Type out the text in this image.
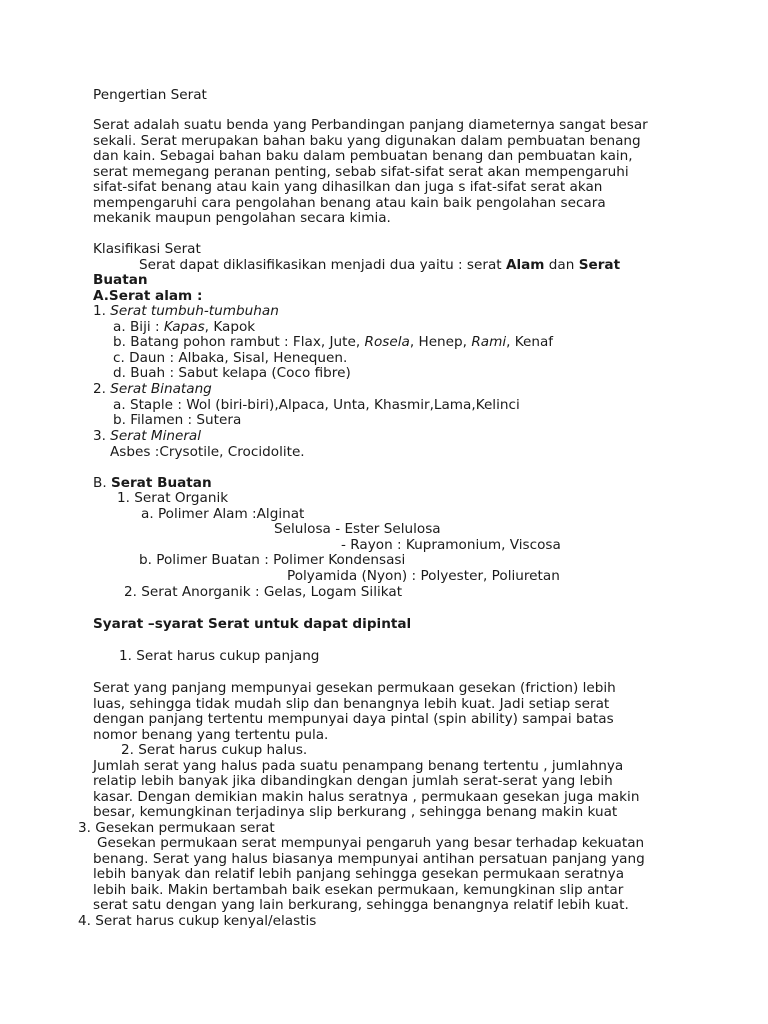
Pengertian Serat
Serat adalah suatu benda yang Perbandingan panjang diameternya sangat besar
sekali. Serat merupakan bahan baku yang digunakan dalam pembuatan benang
dan kain. Sebagai bahan baku dalam pembuatan benang dan pembuatan kain,
serat memegang peranan penting, sebab sifat-sifat serat akan mempengaruhi
sifat-sifat benang atau kain yang dihasilkan dan juga s ifat-sifat serat akan
mempengaruhi cara pengolahan benang atau kain baik pengolahan secara
mekanik maupun pengolahan secara kimia.
Klasifikasi Serat
Serat dapat diklasifikasikan menjadi dua yaitu : serat Alam dan Serat
Buatan
A.Serat alam :
1. Serat tumbuh-tumbuhan
a. Biji : Kapas, Kapok
b. Batang pohon rambut : Flax, Jute, Rosela, Henep, Rami, Kenaf
c. Daun : Albaka, Sisal, Henequen.
d. Buah : Sabut kelapa (Coco fibre)
2. Serat Binatang
a. Staple : Wol (biri-biri),Alpaca, Unta, Khasmir,Lama,Kelinci
b. Filamen : Sutera
3. Serat Mineral
Asbes :Crysotile, Crocidolite.
B. Serat Buatan
1. Serat Organik
a. Polimer Alam :Alginat
Selulosa - Ester Selulosa
- Rayon : Kupramonium, Viscosa
b. Polimer Buatan : Polimer Kondensasi
Polyamida (Nyon) : Polyester, Poliuretan
2. Serat Anorganik : Gelas, Logam Silikat
Syarat –syarat Serat untuk dapat dipintal
1. Serat harus cukup panjang
Serat yang panjang mempunyai gesekan permukaan gesekan (friction) lebih
luas, sehingga tidak mudah slip dan benangnya lebih kuat. Jadi setiap serat
dengan panjang tertentu mempunyai daya pintal (spin ability) sampai batas
nomor benang yang tertentu pula.
2. Serat harus cukup halus.
Jumlah serat yang halus pada suatu penampang benang tertentu , jumlahnya
relatip lebih banyak jika dibandingkan dengan jumlah serat-serat yang lebih
kasar. Dengan demikian makin halus seratnya , permukaan gesekan juga makin
besar, kemungkinan terjadinya slip berkurang , sehingga benang makin kuat
3. Gesekan permukaan serat
Gesekan permukaan serat mempunyai pengaruh yang besar terhadap kekuatan
benang. Serat yang halus biasanya mempunyai antihan persatuan panjang yang
lebih banyak dan relatif lebih panjang sehingga gesekan permukaan seratnya
lebih baik. Makin bertambah baik esekan permukaan, kemungkinan slip antar
serat satu dengan yang lain berkurang, sehingga benangnya relatif lebih kuat.
4. Serat harus cukup kenyal/elastis
